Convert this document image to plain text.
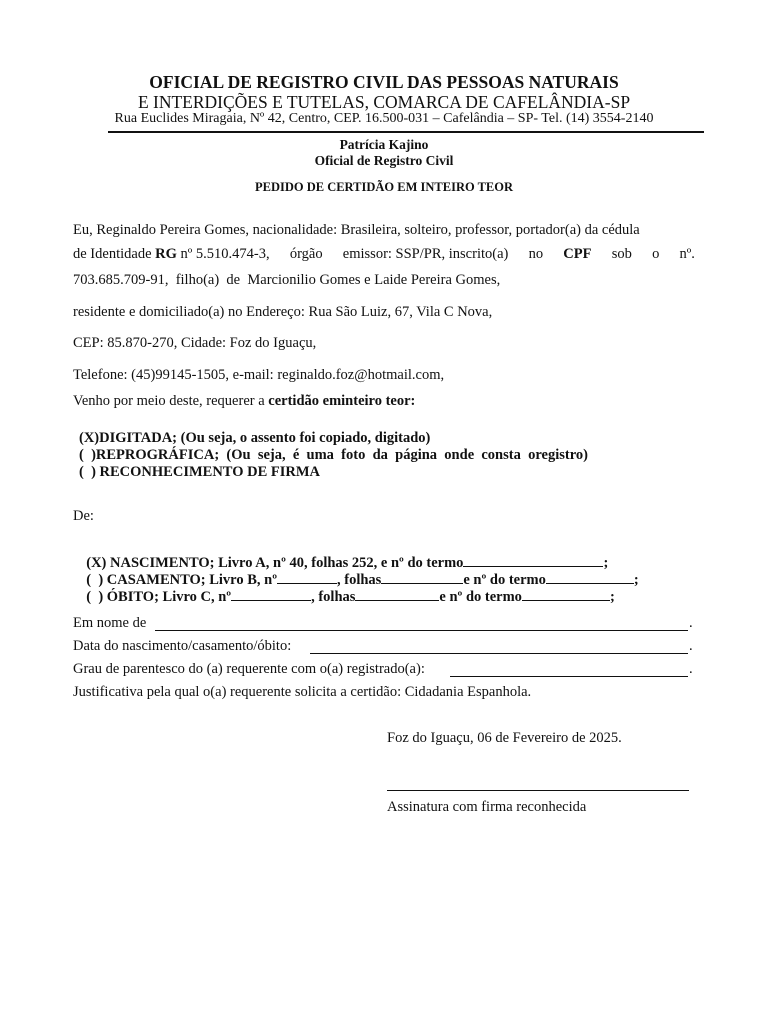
OFICIAL DE REGISTRO CIVIL DAS PESSOAS NATURAIS
E INTERDIÇÕES E TUTELAS, COMARCA DE CAFELÂNDIA-SP
Rua Euclides Miragaia, Nº 42, Centro, CEP. 16.500-031 – Cafelândia – SP- Tel. (14) 3554-2140
Patrícia Kajino
Oficial de Registro Civil
PEDIDO DE CERTIDÃO EM INTEIRO TEOR
Eu, Reginaldo Pereira Gomes, nacionalidade: Brasileira, solteiro, professor, portador(a) da cédula
de Identidade RG nº 5.510.474-3, órgão emissor: SSP/PR, inscrito(a) no CPF sob o nº.
703.685.709-91,  filho(a)  de  Marcionilio Gomes e Laide Pereira Gomes,
residente e domiciliado(a) no Endereço: Rua São Luiz, 67, Vila C Nova,
CEP: 85.870-270, Cidade: Foz do Iguaçu,
Telefone: (45)99145-1505, e-mail: reginaldo.foz@hotmail.com,
Venho por meio deste, requerer a certidão eminteiro teor:
(X)DIGITADA; (Ou seja, o assento foi copiado, digitado)
(  )REPROGRÁFICA;  (Ou  seja,  é  uma  foto  da  página  onde  consta  oregistro)
(  ) RECONHECIMENTO DE FIRMA
De:

(X) NASCIMENTO; Livro A, nº 40, folhas 252, e nº do termo	;

(  ) CASAMENTO; Livro B, nº	, folhas	e nº do termo	;

(  ) ÓBITO; Livro C, nº	, folhas	e nº do termo	;

Em nome de	.
Data do nascimento/casamento/óbito:	.
Grau de parentesco do (a) requerente com o(a) registrado(a):	.
Justificativa pela qual o(a) requerente solicita a certidão: Cidadania Espanhola.
Foz do Iguaçu, 06 de Fevereiro de 2025.
Assinatura com firma reconhecida
